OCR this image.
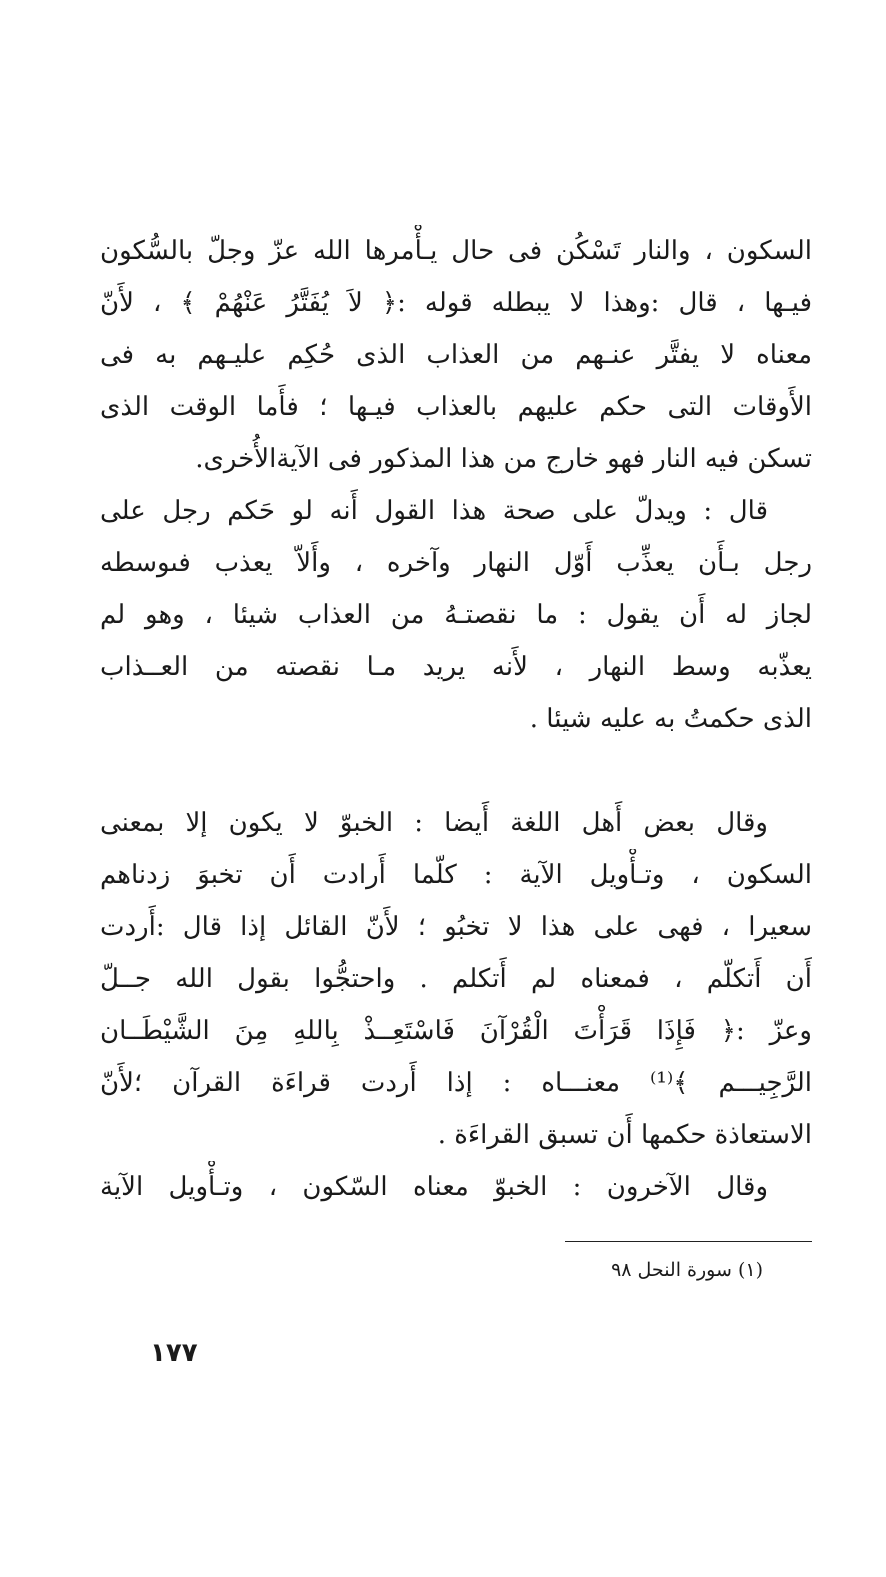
السكون ، والنار تَسْكُن فى حال يـأْمرها الله عزّ وجلّ بالسُّكون
فيـها ، قال :وهذا لا يبطله قوله :﴿ لاَ يُفَتَّرُ عَنْهُمْ ﴾ ، لأَنّ
معناه لا يفتَّر عنـهم من العذاب الذى حُكِم عليـهم به فى
الأَوقات التى حكم عليهم بالعذاب فيـها ؛ فأَما الوقت الذى
تسكن فيه النار فهو خارج من هذا المذكور فى الآيةالأُخرى.
قال : ويدلّ على صحة هذا القول أَنه لو حَكم رجل على
رجل بـأَن يعذِّب أَوّل النهار وآخره ، وأَلاّ يعذب فىوسطه
لجاز له أَن يقول : ما نقصتـهُ من العذاب شيئا ، وهو لم
يعذّبه وسط النهار ، لأَنه يريد مـا نقصته من العــذاب
الذى حكمتُ به عليه شيئا .
وقال بعض أَهل اللغة أَيضا : الخبوّ لا يكون إلا بمعنى
السكون ، وتـأْويل الآية : كلّما أَرادت أَن تخبوَ زدناهم
سعيرا ، فهى على هذا لا تخبُو ؛ لأَنّ القائل إذا قال :أَردت
أَن أَتكلّم ، فمعناه لم أَتكلم . واحتجُّوا بقول الله جــلّ
وعزّ :﴿ فَإِذَا قَرَأْتَ الْقُرْآنَ فَاسْتَعِــذْ بِاللهِ مِنَ الشَّيْطَــان
الرَّجِيـــم ﴾⁽¹⁾ معنـــاه : إذا أَردت قراءَة القرآن ؛لأَنّ
الاستعاذة حكمها أَن تسبق القراءَة .
وقال الآخرون : الخبوّ معناه السّكون ، وتـأْويل الآية
(١) سورة النحل ٩٨
١٧٧
